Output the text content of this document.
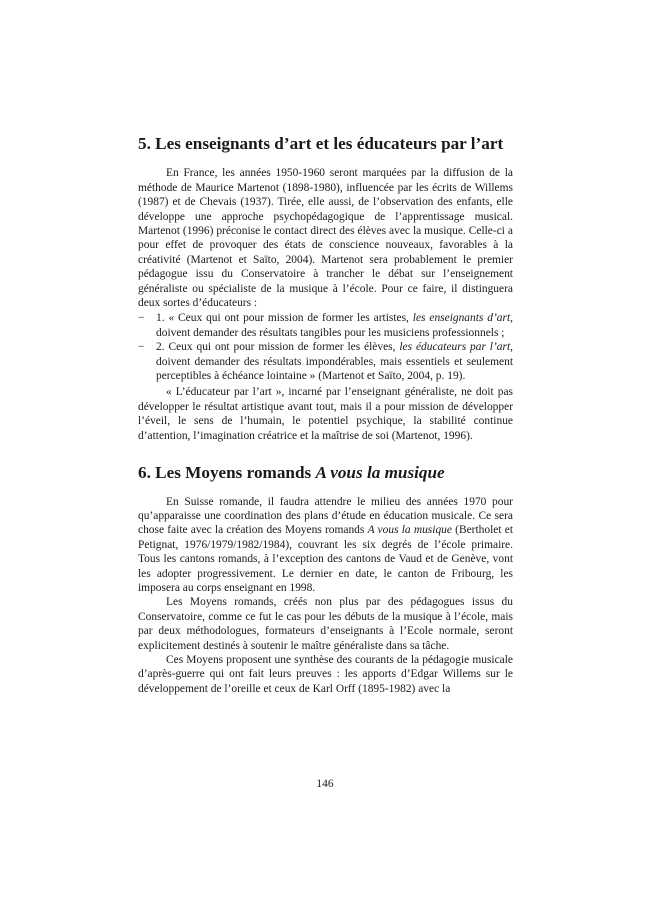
5. Les enseignants d’art et les éducateurs par l’art

En France, les années 1950-1960 seront marquées par la diffusion de la méthode de Maurice Martenot (1898-1980), influencée par les écrits de Willems (1987) et de Chevais (1937). Tirée, elle aussi, de l’observation des enfants, elle développe une approche psychopédagogique de l’apprentissage musical. Martenot (1996) préconise le contact direct des élèves avec la musique. Celle-ci a pour effet de provoquer des états de conscience nouveaux, favorables à la créativité (Martenot et Saïto, 2004). Martenot sera probablement le premier pédagogue issu du Conservatoire à trancher le débat sur l’enseignement généraliste ou spécialiste de la musique à l’école. Pour ce faire, il distinguera deux sortes d’éducateurs :

− 1. « Ceux qui ont pour mission de former les artistes, les enseignants d’art, doivent demander des résultats tangibles pour les musiciens professionnels ;
− 2. Ceux qui ont pour mission de former les élèves, les éducateurs par l’art, doivent demander des résultats impondérables, mais essentiels et seulement perceptibles à échéance lointaine » (Martenot et Saïto, 2004, p. 19).

« L’éducateur par l’art », incarné par l’enseignant généraliste, ne doit pas développer le résultat artistique avant tout, mais il a pour mission de développer l’éveil, le sens de l’humain, le potentiel psychique, la stabilité continue d’attention, l’imagination créatrice et la maîtrise de soi (Martenot, 1996).

6. Les Moyens romands A vous la musique

En Suisse romande, il faudra attendre le milieu des années 1970 pour qu’apparaisse une coordination des plans d’étude en éducation musicale. Ce sera chose faite avec la création des Moyens romands A vous la musique (Bertholet et Petignat, 1976/1979/1982/1984), couvrant les six degrés de l’école primaire. Tous les cantons romands, à l’exception des cantons de Vaud et de Genève, vont les adopter progressivement. Le dernier en date, le canton de Fribourg, les imposera au corps enseignant en 1998.

Les Moyens romands, créés non plus par des pédagogues issus du Conservatoire, comme ce fut le cas pour les débuts de la musique à l’école, mais par deux méthodologues, formateurs d’enseignants à l’Ecole normale, seront explicitement destinés à soutenir le maître généraliste dans sa tâche.

Ces Moyens proposent une synthèse des courants de la pédagogie musicale d’après-guerre qui ont fait leurs preuves : les apports d’Edgar Willems sur le développement de l’oreille et ceux de Karl Orff (1895-1982) avec la

146
